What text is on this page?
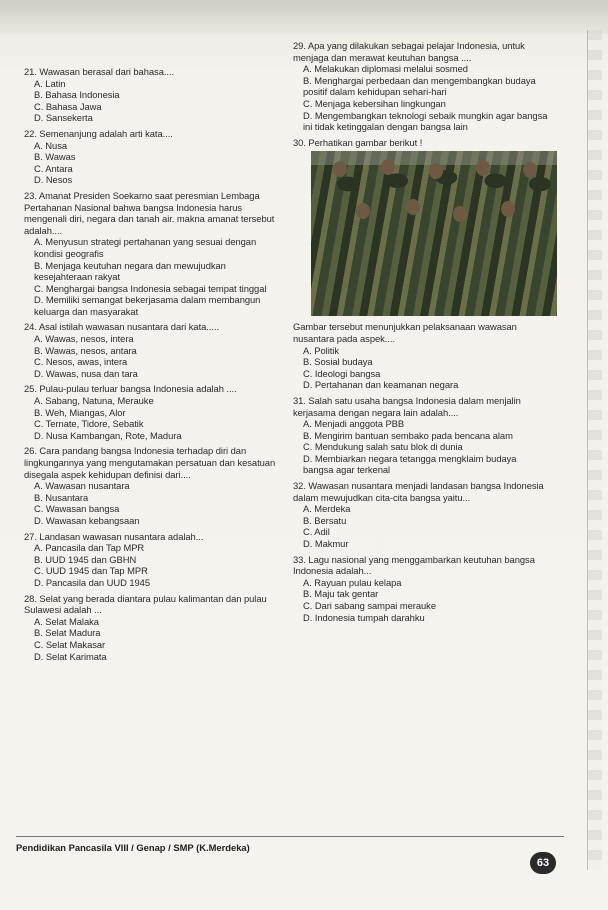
21. Wawasan berasal dari bahasa....
A. Latin
B. Bahasa Indonesia
C. Bahasa Jawa
D. Sansekerta
22. Semenanjung adalah arti kata....
A. Nusa
B. Wawas
C. Antara
D. Nesos
23. Amanat Presiden Soekarno saat peresmian Lembaga Pertahanan Nasional bahwa bangsa Indonesia harus mengenali diri, negara dan tanah air. makna amanat tersebut adalah....
A. Menyusun strategi pertahanan yang sesuai dengan kondisi geografis
B. Menjaga keutuhan negara dan mewujudkan kesejahteraan rakyat
C. Menghargai bangsa Indonesia sebagai tempat tinggal
D. Memiliki semangat bekerjasama dalam membangun keluarga dan masyarakat
24. Asal istilah wawasan nusantara dari kata.....
A. Wawas, nesos, intera
B. Wawas, nesos, antara
C. Nesos, awas, intera
D. Wawas, nusa dan tara
25. Pulau-pulau terluar bangsa Indonesia adalah ....
A. Sabang, Natuna, Merauke
B. Weh, Miangas, Alor
C. Ternate, Tidore, Sebatik
D. Nusa Kambangan, Rote, Madura
26. Cara pandang bangsa Indonesia terhadap diri dan lingkungannya yang mengutamakan persatuan dan kesatuan disegala aspek kehidupan definisi dari....
A. Wawasan nusantara
B. Nusantara
C. Wawasan bangsa
D. Wawasan kebangsaan
27. Landasan wawasan nusantara adalah...
A. Pancasila dan Tap MPR
B. UUD 1945 dan GBHN
C. UUD 1945 dan Tap MPR
D. Pancasila dan UUD 1945
28. Selat yang berada diantara pulau kalimantan dan pulau Sulawesi adalah ...
A. Selat Malaka
B. Selat Madura
C. Selat Makasar
D. Selat Karimata
29. Apa yang dilakukan sebagai pelajar Indonesia, untuk menjaga dan merawat keutuhan bangsa ....
A. Melakukan diplomasi melalui sosmed
B. Menghargai perbedaan dan mengembangkan budaya positif dalam kehidupan sehari-hari
C. Menjaga kebersihan lingkungan
D. Mengembangkan teknologi sebaik mungkin agar bangsa ini tidak ketinggalan dengan bangsa lain
30. Perhatikan gambar berikut !
Gambar tersebut menunjukkan pelaksanaan wawasan nusantara pada aspek....
A. Politik
B. Sosial budaya
C. Ideologi bangsa
D. Pertahanan dan keamanan negara
31. Salah satu usaha bangsa Indonesia dalam menjalin kerjasama dengan negara lain adalah....
A. Menjadi anggota PBB
B. Mengirim bantuan sembako pada bencana alam
C. Mendukung salah satu blok di dunia
D. Membiarkan negara tetangga mengklaim budaya bangsa agar terkenal
32. Wawasan nusantara menjadi landasan bangsa Indonesia dalam mewujudkan cita-cita bangsa yaitu...
A. Merdeka
B. Bersatu
C. Adil
D. Makmur
33. Lagu nasional yang menggambarkan keutuhan bangsa Indonesia adalah...
A. Rayuan pulau kelapa
B. Maju tak gentar
C. Dari sabang sampai merauke
D. Indonesia tumpah darahku
Pendidikan Pancasila VIII / Genap / SMP (K.Merdeka)
63
